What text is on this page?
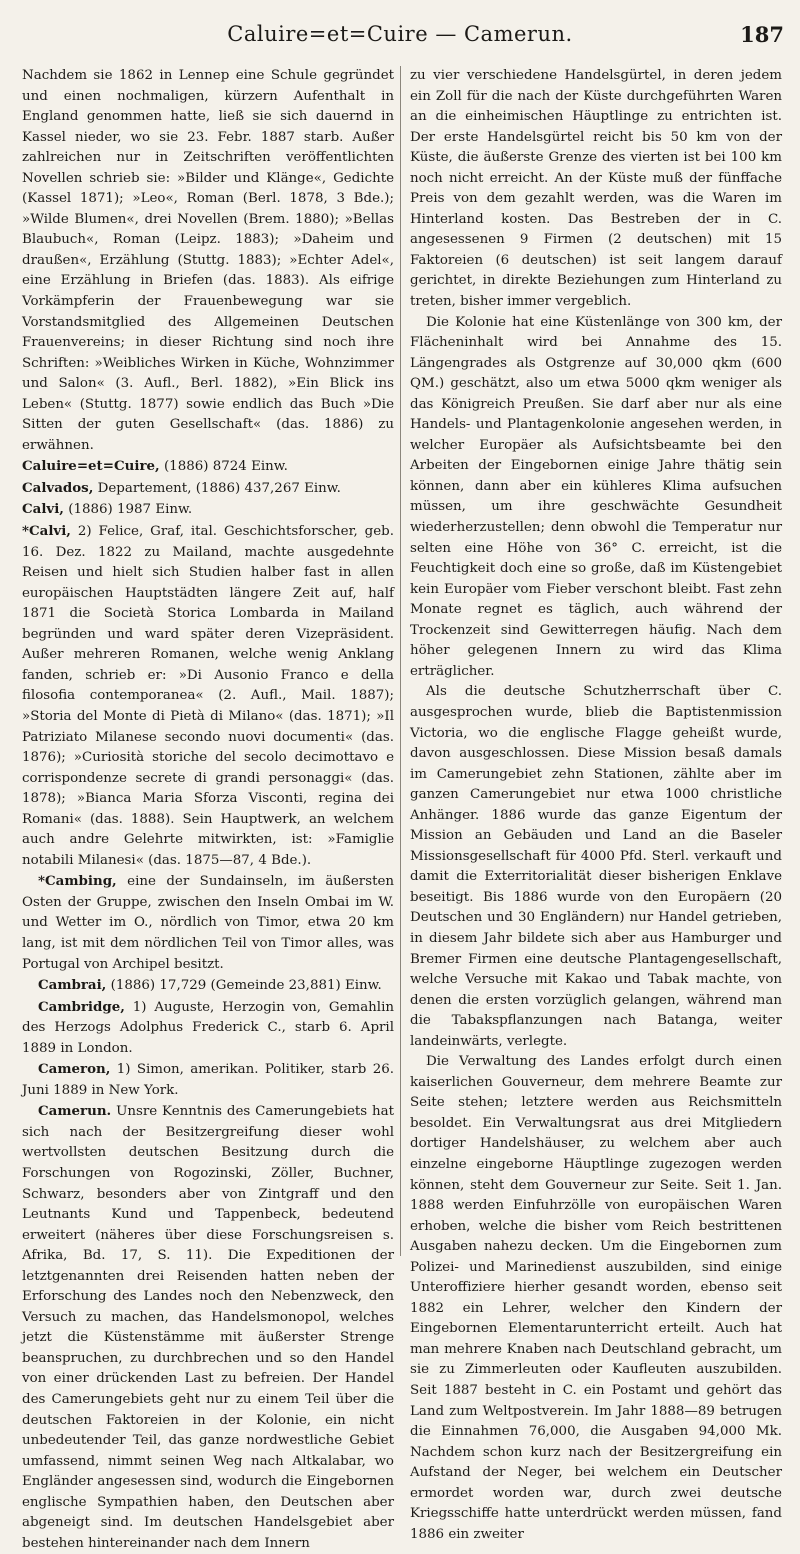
Caluire=et=Cuire — Camerun.	187

Nachdem sie 1862 in Lennep eine Schule gegründet und einen nochmaligen, kürzern Aufenthalt in England genommen hatte, ließ sie sich dauernd in Kassel nieder, wo sie 23. Febr. 1887 starb. Außer zahlreichen nur in Zeitschriften veröffentlichten Novellen schrieb sie: »Bilder und Klänge«, Gedichte (Kassel 1871); »Leo«, Roman (Berl. 1878, 3 Bde.); »Wilde Blumen«, drei Novellen (Brem. 1880); »Bellas Blaubuch«, Roman (Leipz. 1883); »Daheim und draußen«, Erzählung (Stuttg. 1883); »Echter Adel«, eine Erzählung in Briefen (das. 1883). Als eifrige Vorkämpferin der Frauenbewegung war sie Vorstandsmitglied des Allgemeinen Deutschen Frauenvereins; in dieser Richtung sind noch ihre Schriften: »Weibliches Wirken in Küche, Wohnzimmer und Salon« (3. Aufl., Berl. 1882), »Ein Blick ins Leben« (Stuttg. 1877) sowie endlich das Buch »Die Sitten der guten Gesellschaft« (das. 1886) zu erwähnen.

Caluire=et=Cuire, (1886) 8724 Einw.

Calvados, Departement, (1886) 437,267 Einw.

Calvi, (1886) 1987 Einw.

*Calvi, 2) Felice, Graf, ital. Geschichtsforscher, geb. 16. Dez. 1822 zu Mailand, machte ausgedehnte Reisen und hielt sich Studien halber fast in allen europäischen Hauptstädten längere Zeit auf, half 1871 die Società Storica Lombarda in Mailand begründen und ward später deren Vizepräsident. Außer mehreren Romanen, welche wenig Anklang fanden, schrieb er: »Di Ausonio Franco e della filosofia contemporanea« (2. Aufl., Mail. 1887); »Storia del Monte di Pietà di Milano« (das. 1871); »Il Patriziato Milanese secondo nuovi documenti« (das. 1876); »Curiosità storiche del secolo decimottavo e corrispondenze secrete di grandi personaggi« (das. 1878); »Bianca Maria Sforza Visconti, regina dei Romani« (das. 1888). Sein Hauptwerk, an welchem auch andre Gelehrte mitwirkten, ist: »Famiglie notabili Milanesi« (das. 1875—87, 4 Bde.).

*Cambing, eine der Sundainseln, im äußersten Osten der Gruppe, zwischen den Inseln Ombai im W. und Wetter im O., nördlich von Timor, etwa 20 km lang, ist mit dem nördlichen Teil von Timor alles, was Portugal von Archipel besitzt.

Cambrai, (1886) 17,729 (Gemeinde 23,881) Einw.

Cambridge, 1) Auguste, Herzogin von, Gemahlin des Herzogs Adolphus Frederick C., starb 6. April 1889 in London.

Cameron, 1) Simon, amerikan. Politiker, starb 26. Juni 1889 in New York.

Camerun. Unsre Kenntnis des Camerungebiets hat sich nach der Besitzergreifung dieser wohl wertvollsten deutschen Besitzung durch die Forschungen von Rogozinski, Zöller, Buchner, Schwarz, besonders aber von Zintgraff und den Leutnants Kund und Tappenbeck, bedeutend erweitert (näheres über diese Forschungsreisen s. Afrika, Bd. 17, S. 11). Die Expeditionen der letztgenannten drei Reisenden hatten neben der Erforschung des Landes noch den Nebenzweck, den Versuch zu machen, das Handelsmonopol, welches jetzt die Küstenstämme mit äußerster Strenge beanspruchen, zu durchbrechen und so den Handel von einer drückenden Last zu befreien. Der Handel des Camerungebiets geht nur zu einem Teil über die deutschen Faktoreien in der Kolonie, ein nicht unbedeutender Teil, das ganze nordwestliche Gebiet umfassend, nimmt seinen Weg nach Altkalabar, wo Engländer angesessen sind, wodurch die Eingebornen englische Sympathien haben, den Deutschen aber abgeneigt sind. Im deutschen Handelsgebiet aber bestehen hintereinander nach dem Innern

zu vier verschiedene Handelsgürtel, in deren jedem ein Zoll für die nach der Küste durchgeführten Waren an die einheimischen Häuptlinge zu entrichten ist. Der erste Handelsgürtel reicht bis 50 km von der Küste, die äußerste Grenze des vierten ist bei 100 km noch nicht erreicht. An der Küste muß der fünffache Preis von dem gezahlt werden, was die Waren im Hinterland kosten. Das Bestreben der in C. angesessenen 9 Firmen (2 deutschen) mit 15 Faktoreien (6 deutschen) ist seit langem darauf gerichtet, in direkte Beziehungen zum Hinterland zu treten, bisher immer vergeblich.

Die Kolonie hat eine Küstenlänge von 300 km, der Flächeninhalt wird bei Annahme des 15. Längengrades als Ostgrenze auf 30,000 qkm (600 QM.) geschätzt, also um etwa 5000 qkm weniger als das Königreich Preußen. Sie darf aber nur als eine Handels- und Plantagenkolonie angesehen werden, in welcher Europäer als Aufsichtsbeamte bei den Arbeiten der Eingebornen einige Jahre thätig sein können, dann aber ein kühleres Klima aufsuchen müssen, um ihre geschwächte Gesundheit wiederherzustellen; denn obwohl die Temperatur nur selten eine Höhe von 36° C. erreicht, ist die Feuchtigkeit doch eine so große, daß im Küstengebiet kein Europäer vom Fieber verschont bleibt. Fast zehn Monate regnet es täglich, auch während der Trockenzeit sind Gewitterregen häufig. Nach dem höher gelegenen Innern zu wird das Klima erträglicher.

Als die deutsche Schutzherrschaft über C. ausgesprochen wurde, blieb die Baptistenmission Victoria, wo die englische Flagge geheißt wurde, davon ausgeschlossen. Diese Mission besaß damals im Camerungebiet zehn Stationen, zählte aber im ganzen Camerungebiet nur etwa 1000 christliche Anhänger. 1886 wurde das ganze Eigentum der Mission an Gebäuden und Land an die Baseler Missionsgesellschaft für 4000 Pfd. Sterl. verkauft und damit die Exterritorialität dieser bisherigen Enklave beseitigt. Bis 1886 wurde von den Europäern (20 Deutschen und 30 Engländern) nur Handel getrieben, in diesem Jahr bildete sich aber aus Hamburger und Bremer Firmen eine deutsche Plantagengesellschaft, welche Versuche mit Kakao und Tabak machte, von denen die ersten vorzüglich gelangen, während man die Tabakspflanzungen nach Batanga, weiter landeinwärts, verlegte.

Die Verwaltung des Landes erfolgt durch einen kaiserlichen Gouverneur, dem mehrere Beamte zur Seite stehen; letztere werden aus Reichsmitteln besoldet. Ein Verwaltungsrat aus drei Mitgliedern dortiger Handelshäuser, zu welchem aber auch einzelne eingeborne Häuptlinge zugezogen werden können, steht dem Gouverneur zur Seite. Seit 1. Jan. 1888 werden Einfuhrzölle von europäischen Waren erhoben, welche die bisher vom Reich bestrittenen Ausgaben nahezu decken. Um die Eingebornen zum Polizei- und Marinedienst auszubilden, sind einige Unteroffiziere hierher gesandt worden, ebenso seit 1882 ein Lehrer, welcher den Kindern der Eingebornen Elementarunterricht erteilt. Auch hat man mehrere Knaben nach Deutschland gebracht, um sie zu Zimmerleuten oder Kaufleuten auszubilden. Seit 1887 besteht in C. ein Postamt und gehört das Land zum Weltpostverein. Im Jahr 1888—89 betrugen die Einnahmen 76,000, die Ausgaben 94,000 Mk. Nachdem schon kurz nach der Besitzergreifung ein Aufstand der Neger, bei welchem ein Deutscher ermordet worden war, durch zwei deutsche Kriegsschiffe hatte unterdrückt werden müssen, fand 1886 ein zweiter
